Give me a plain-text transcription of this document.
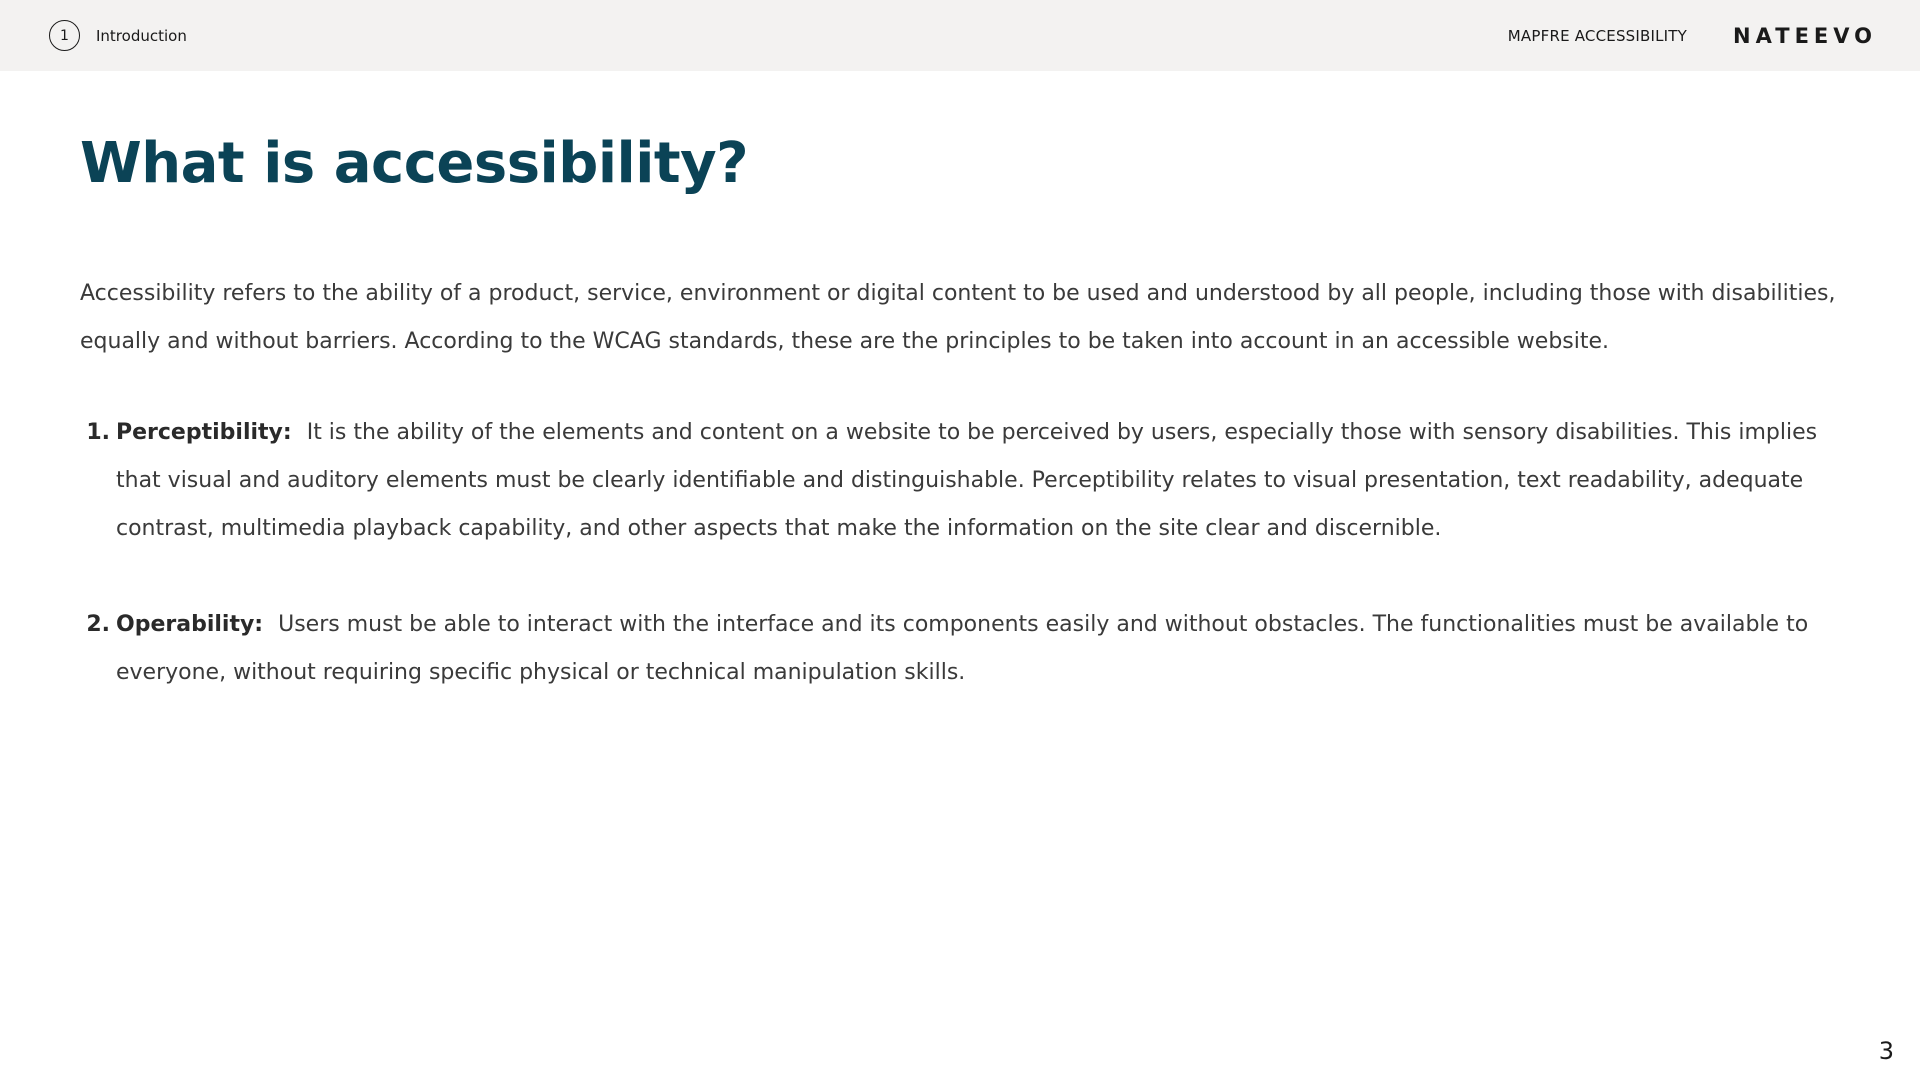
1	Introduction	MAPFRE ACCESSIBILITY NATEEVO
What is accessibility?

Accessibility refers to the ability of a product, service, environment or digital content to be used and understood by all people, including those with disabilities, equally and without barriers. According to the WCAG standards, these are the principles to be taken into account in an accessible website.

1. Perceptibility: It is the ability of the elements and content on a website to be perceived by users, especially those with sensory disabilities. This implies that visual and auditory elements must be clearly identifiable and distinguishable. Perceptibility relates to visual presentation, text readability, adequate contrast, multimedia playback capability, and other aspects that make the information on the site clear and discernible.
2. Operability: Users must be able to interact with the interface and its components easily and without obstacles. The functionalities must be available to everyone, without requiring specific physical or technical manipulation skills.
3
